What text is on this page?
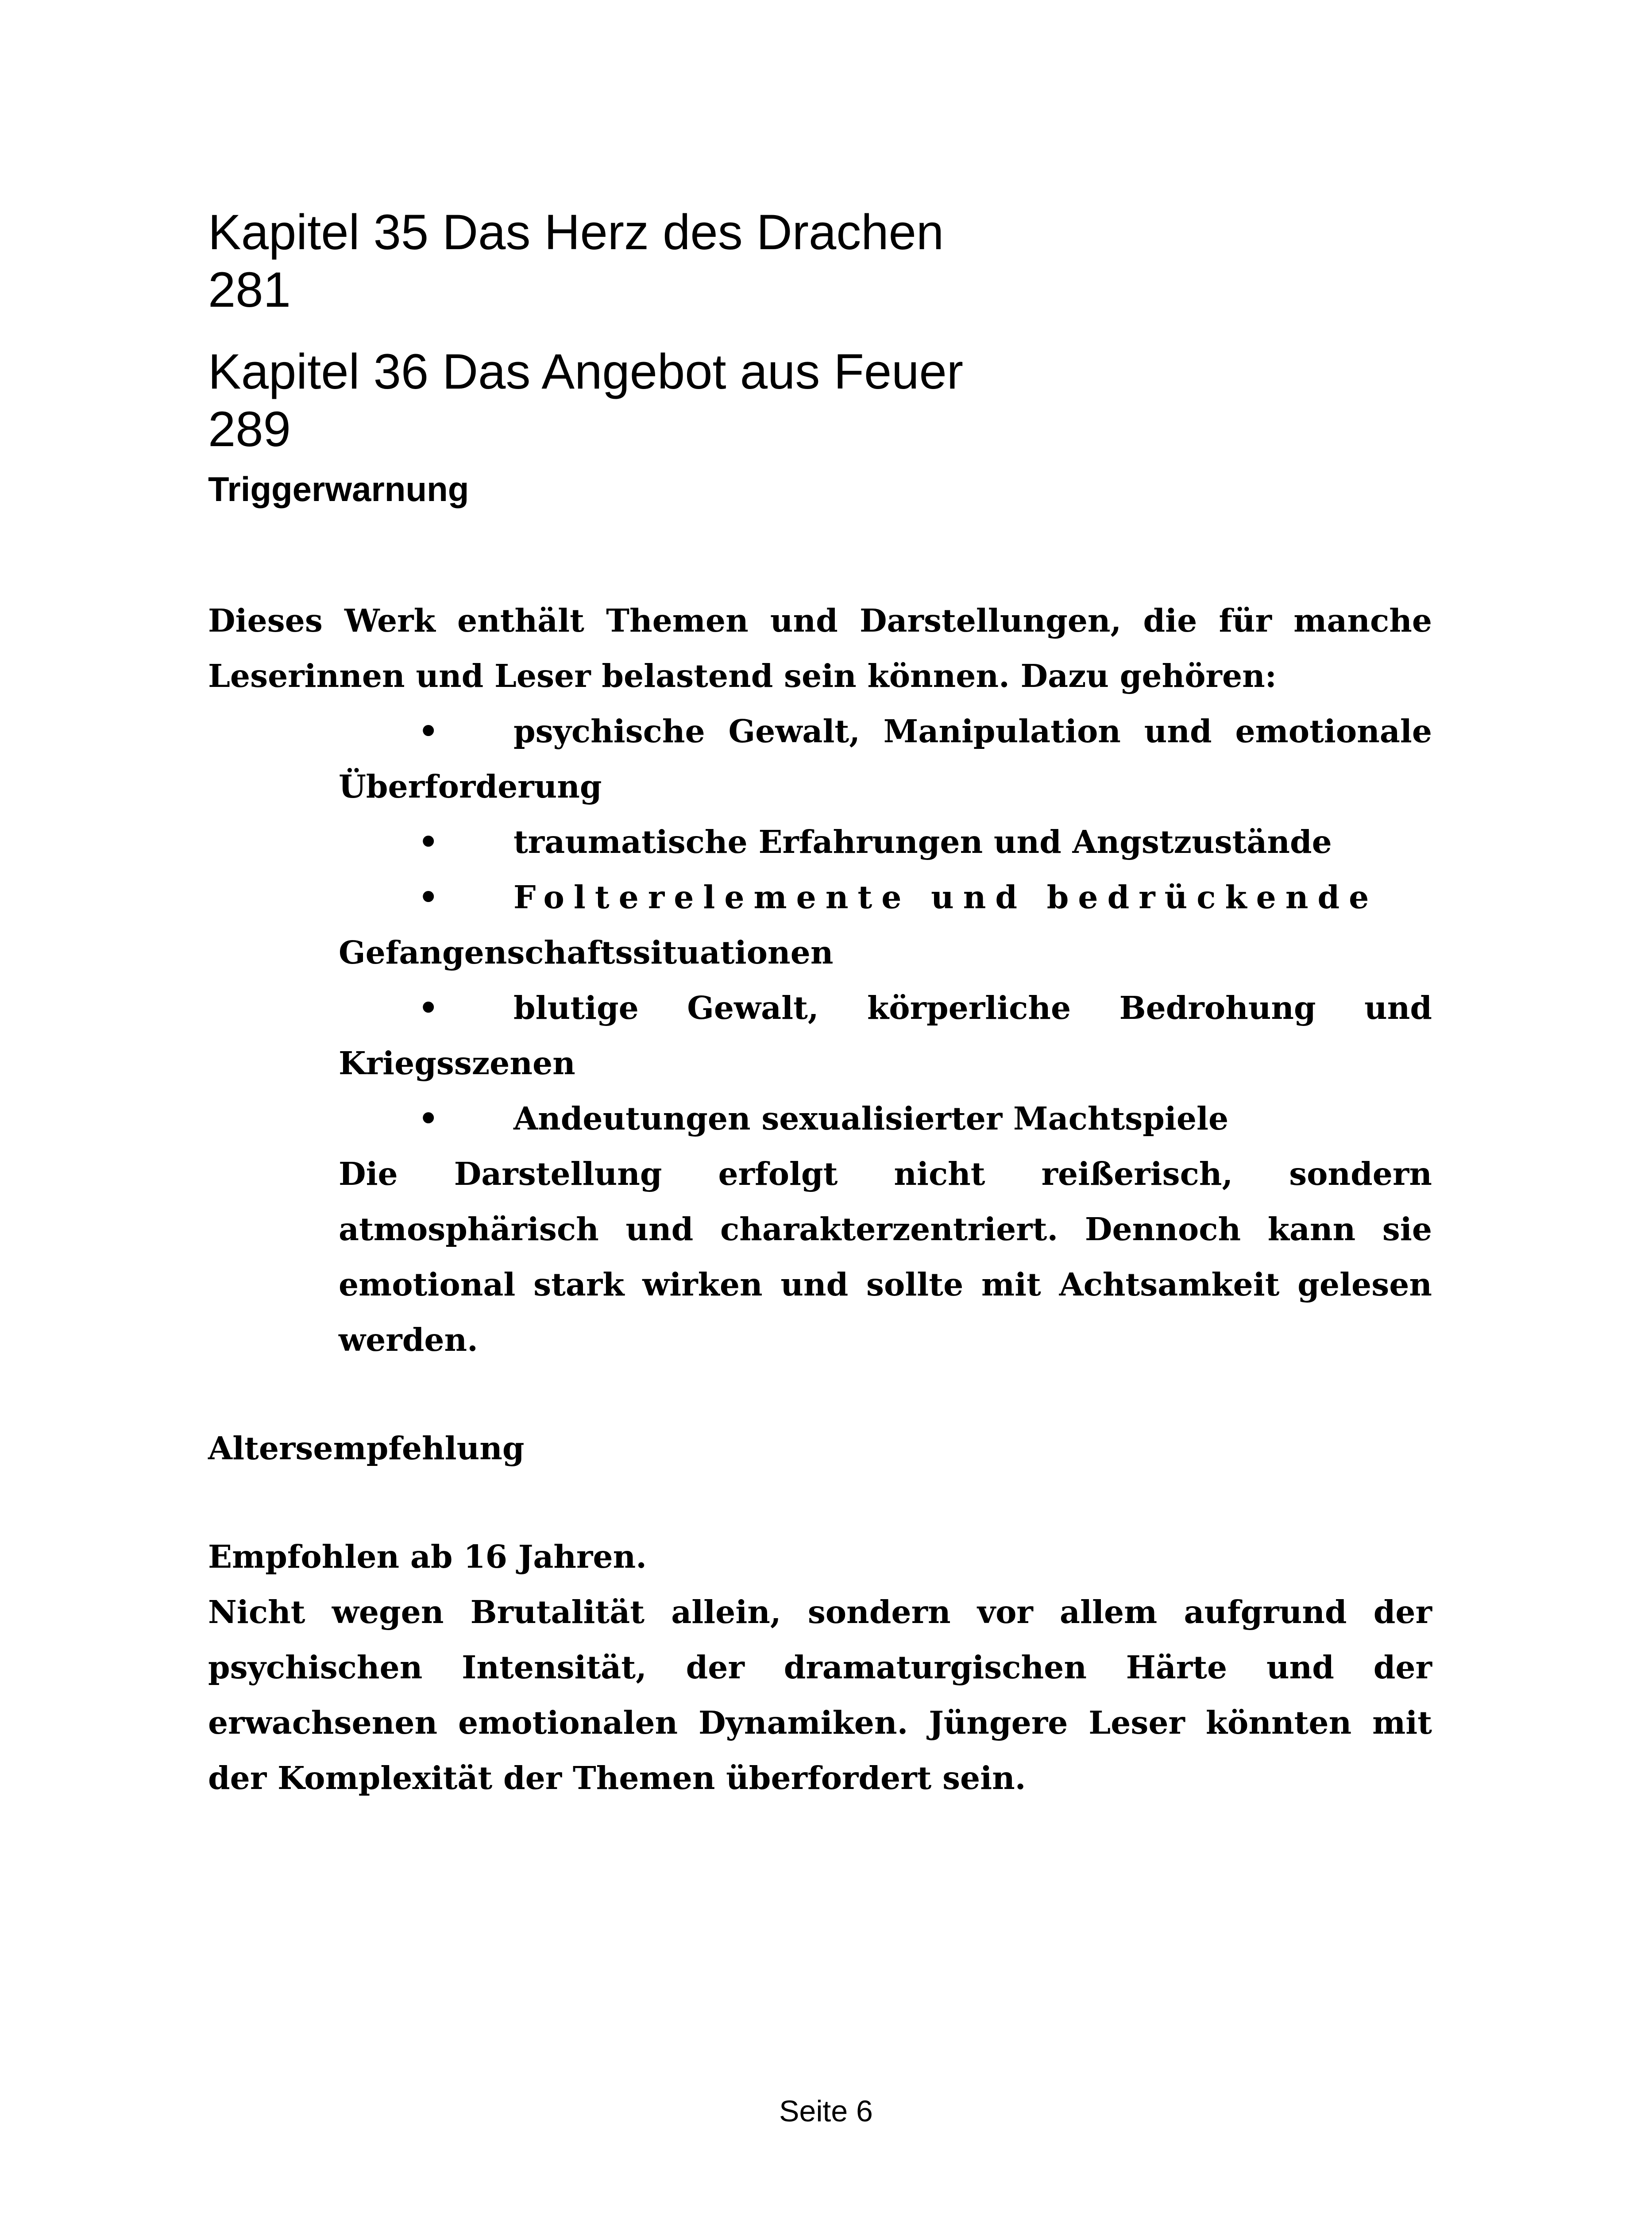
Kapitel 35 Das Herz des Drachen
281
Kapitel 36 Das Angebot aus Feuer
289
Triggerwarnung

Dieses Werk enthält Themen und Darstellungen, die für manche Leserinnen und Leser belastend sein können. Dazu gehören:

• psychische Gewalt, Manipulation und emotionale Überforderung

• traumatische Erfahrungen und Angstzustände

• Folterelemente und bedrückende

Gefangenschaftssituationen

• blutige Gewalt, körperliche Bedrohung und Kriegsszenen

• Andeutungen sexualisierter Machtspiele

Die Darstellung erfolgt nicht reißerisch, sondern atmosphärisch und charakterzentriert. Dennoch kann sie emotional stark wirken und sollte mit Achtsamkeit gelesen werden.

Altersempfehlung

Empfohlen ab 16 Jahren.

Nicht wegen Brutalität allein, sondern vor allem aufgrund der psychischen Intensität, der dramaturgischen Härte und der erwachsenen emotionalen Dynamiken. Jüngere Leser könnten mit der Komplexität der Themen überfordert sein.

Seite 6
